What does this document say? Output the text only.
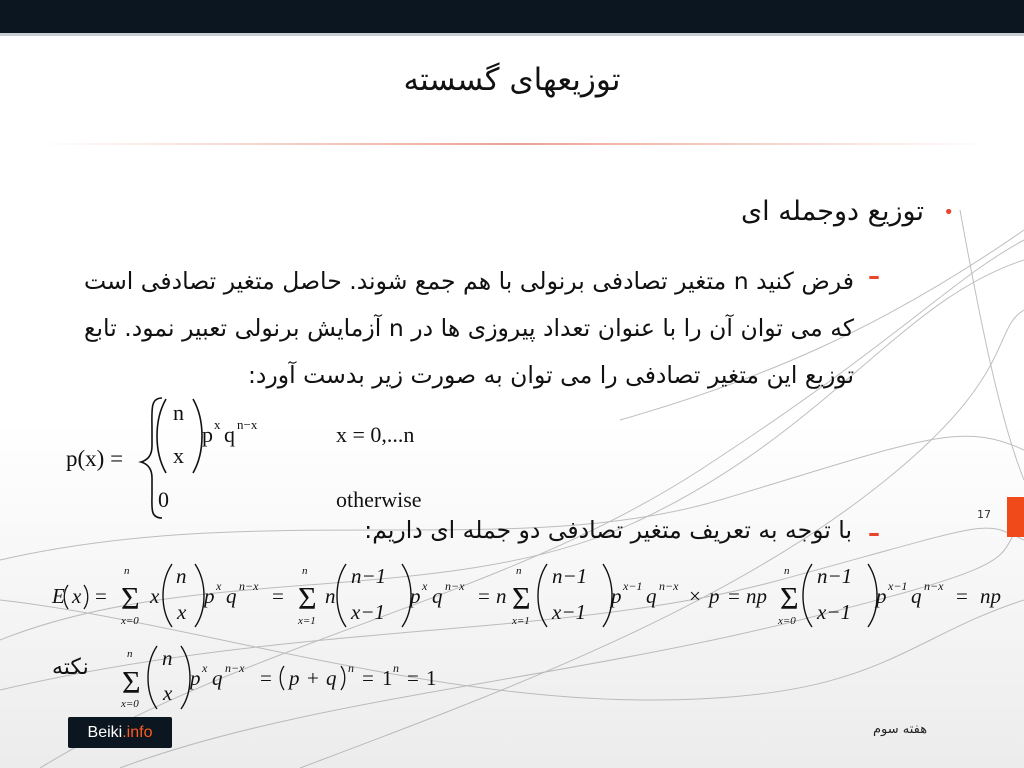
توزیعهای گسسته
•
توزیع دوجمله ای
–
فرض کنید n متغیر تصادفی برنولی با هم جمع شوند. حاصل متغیر تصادفی است که می توان آن را با عنوان تعداد پیروزی ها در n آزمایش برنولی تعبیر نمود. تابع توزیع این متغیر تصادفی را می توان به صورت زیر بدست آورد:
p(x) =
n
x
p x q n−x	x = 0,...n
0	otherwise
–
با توجه به تعریف متغیر تصادفی دو جمله ای داریم:
E x =
n
Σ
x=0
x
n
x
p x q n−x =
n
Σ
x=1
n
n−1
x−1
p x q n−x = n
n
Σ
x=1
n−1
x−1
p x−1 q n−x × p = np
n
Σ
x=0
n−1
x−1
p x−1 q n−x = np
نکته
n
Σ
x=0
n
x
p x q n−x = p + q n = 1 n = 1
17
Beiki .info	هفته سوم
